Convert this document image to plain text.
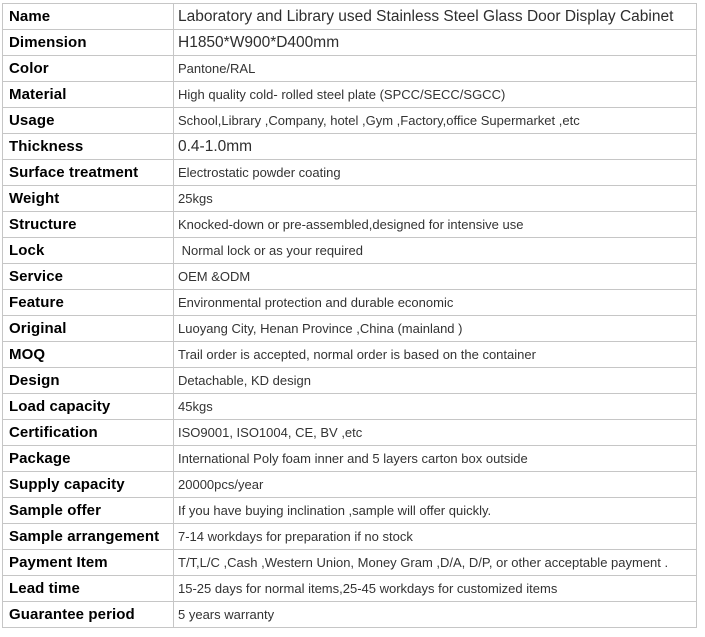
Name	Laboratory and Library used Stainless Steel Glass Door Display Cabinet
Dimension	H1850*W900*D400mm
Color	Pantone/RAL
Material	High quality cold- rolled steel plate (SPCC/SECC/SGCC)
Usage	School,Library ,Company, hotel ,Gym ,Factory,office Supermarket ,etc
Thickness	0.4-1.0mm
Surface treatment	Electrostatic powder coating
Weight	25kgs
Structure	Knocked-down or pre-assembled,designed for intensive use
Lock	Normal lock or as your required
Service	OEM &ODM
Feature	Environmental protection and durable economic
Original	Luoyang City, Henan Province ,China (mainland )
MOQ	Trail order is accepted, normal order is based on the container
Design	Detachable, KD design
Load capacity	45kgs
Certification	ISO9001, ISO1004, CE, BV ,etc
Package	International Poly foam inner and 5 layers carton box outside
Supply capacity	20000pcs/year
Sample offer	If you have buying inclination ,sample will offer quickly.
Sample arrangement	7-14 workdays for preparation if no stock
Payment Item	T/T,L/C ,Cash ,Western Union, Money Gram ,D/A, D/P, or other acceptable payment .
Lead time	15-25 days for normal items,25-45 workdays for customized items
Guarantee period	5 years warranty
